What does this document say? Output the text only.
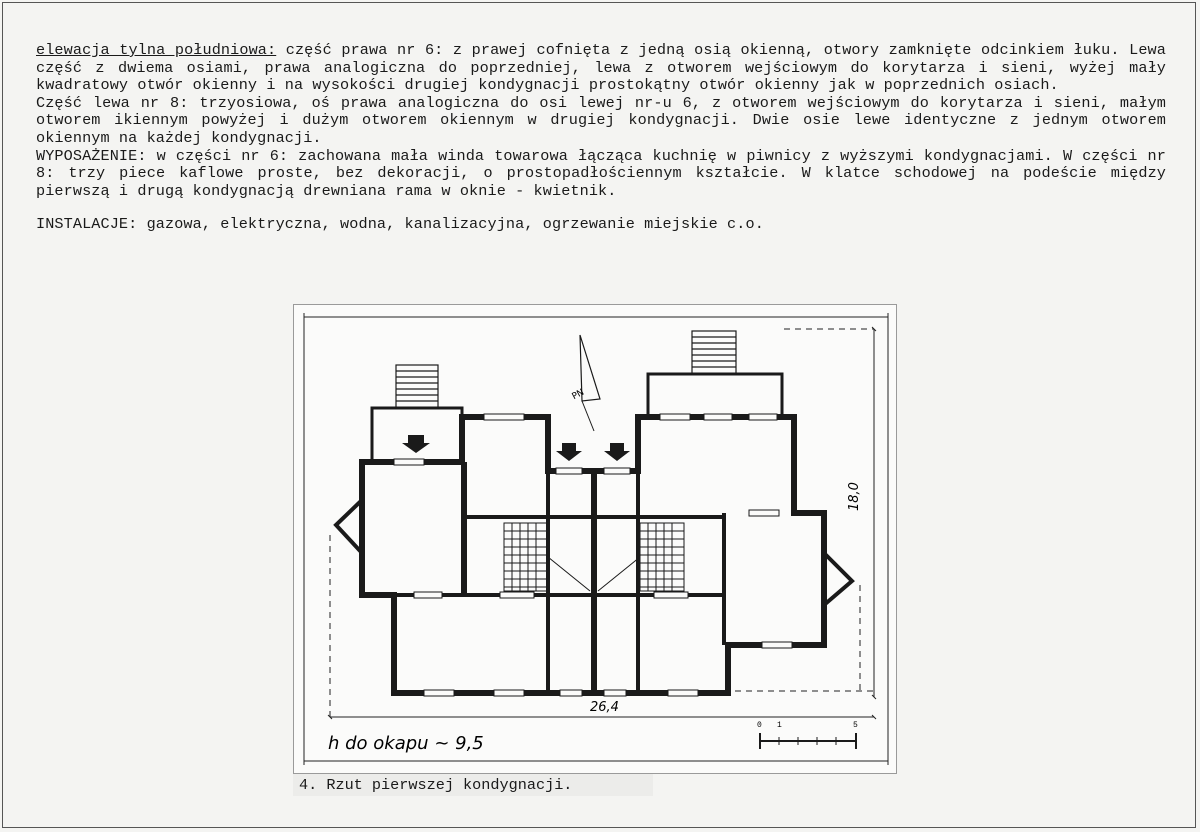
elewacja tylna południowa: część prawa nr 6: z prawej cofnięta z jedną osią okienną, otwory zamknięte odcinkiem łuku. Lewa część z dwiema osiami, prawa analogiczna do poprzedniej, lewa z otworem wejściowym do korytarza i sieni, wyżej mały kwadratowy otwór okienny i na wysokości drugiej kondygnacji prostokątny otwór okienny jak w poprzednich osiach.

Część lewa nr 8: trzyosiowa, oś prawa analogiczna do osi lewej nr-u 6, z otworem wejściowym do korytarza i sieni, małym otworem ikiennym powyżej i dużym otworem okiennym w drugiej kondygnacji. Dwie osie lewe identyczne z jednym otworem okiennym na każdej kondygnacji.

WYPOSAŻENIE: w części nr 6: zachowana mała winda towarowa łącząca kuchnię w piwnicy z wyższymi kondygnacjami. W części nr 8: trzy piece kaflowe proste, bez dekoracji, o prostopadłościennym kształcie. W klatce schodowej na podeście między pierwszą i drugą kondygnacją drewniana rama w oknie - kwietnik.

INSTALACJE: gazowa, elektryczna, wodna, kanalizacyjna, ogrzewanie miejskie c.o.

PN
26,4
18,0
h do okapu ~ 9,5
0 1	5
4. Rzut pierwszej kondygnacji.
